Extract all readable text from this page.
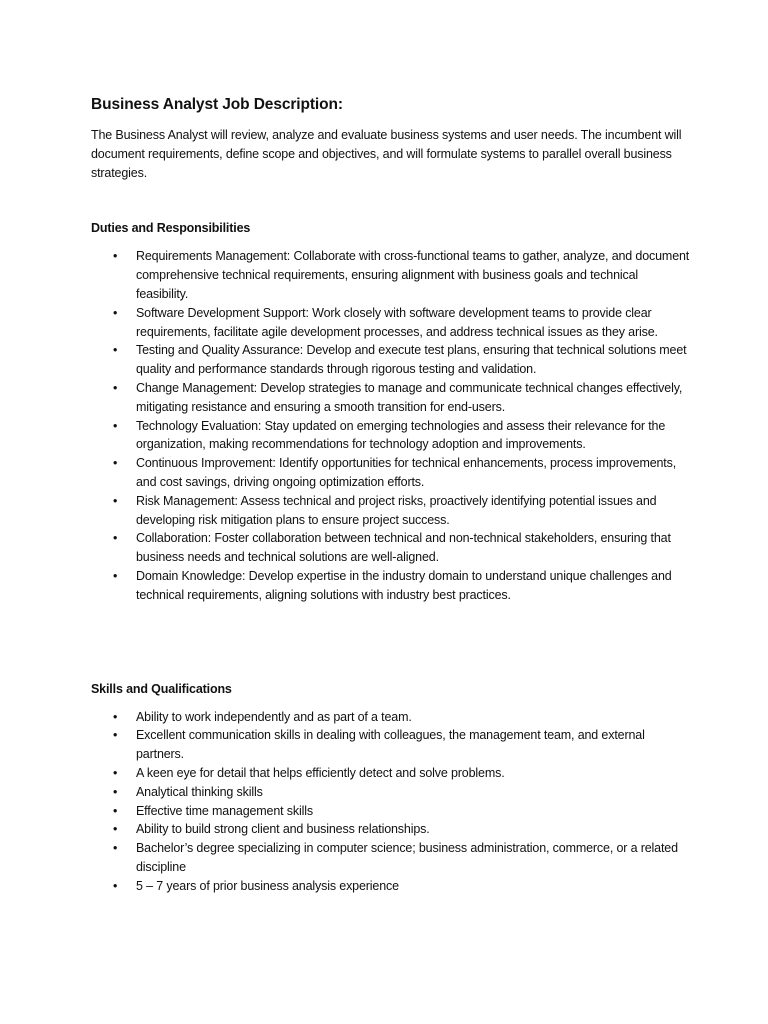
Business Analyst Job Description:

The Business Analyst will review, analyze and evaluate business systems and user needs. The incumbent will document requirements, define scope and objectives, and will formulate systems to parallel overall business strategies.

Duties and Responsibilities
• Requirements Management: Collaborate with cross-functional teams to gather, analyze, and document comprehensive technical requirements, ensuring alignment with business goals and technical feasibility.
• Software Development Support: Work closely with software development teams to provide clear requirements, facilitate agile development processes, and address technical issues as they arise.
• Testing and Quality Assurance: Develop and execute test plans, ensuring that technical solutions meet quality and performance standards through rigorous testing and validation.
• Change Management: Develop strategies to manage and communicate technical changes effectively, mitigating resistance and ensuring a smooth transition for end-users.
• Technology Evaluation: Stay updated on emerging technologies and assess their relevance for the organization, making recommendations for technology adoption and improvements.
• Continuous Improvement: Identify opportunities for technical enhancements, process improvements, and cost savings, driving ongoing optimization efforts.
• Risk Management: Assess technical and project risks, proactively identifying potential issues and developing risk mitigation plans to ensure project success.
• Collaboration: Foster collaboration between technical and non-technical stakeholders, ensuring that business needs and technical solutions are well-aligned.
• Domain Knowledge: Develop expertise in the industry domain to understand unique challenges and technical requirements, aligning solutions with industry best practices.
Skills and Qualifications
• Ability to work independently and as part of a team.
• Excellent communication skills in dealing with colleagues, the management team, and external partners.
• A keen eye for detail that helps efficiently detect and solve problems.
• Analytical thinking skills
• Effective time management skills
• Ability to build strong client and business relationships.
• Bachelor’s degree specializing in computer science; business administration, commerce, or a related discipline
• 5 – 7 years of prior business analysis experience
